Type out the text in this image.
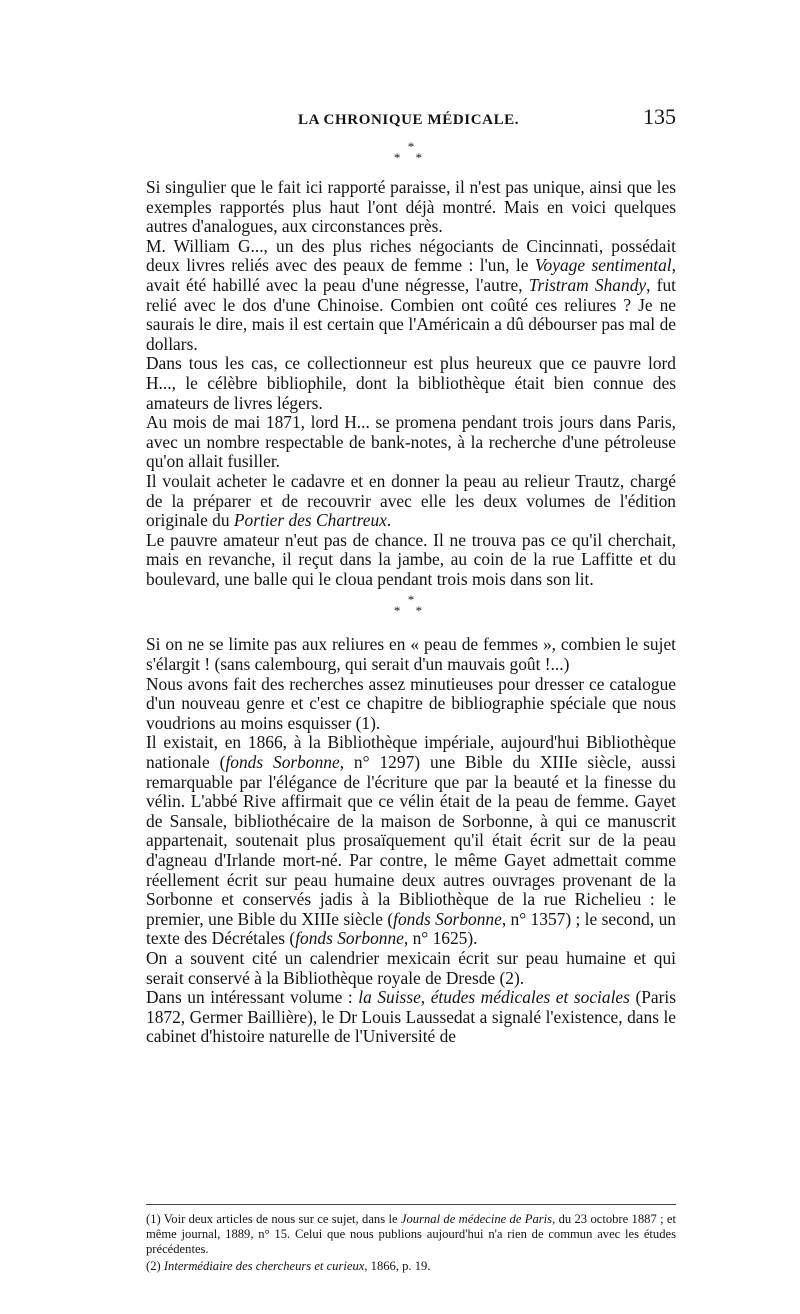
LA CHRONIQUE MÉDICALE.	135
*
* *

Si singulier que le fait ici rapporté paraisse, il n'est pas unique, ainsi que les exemples rapportés plus haut l'ont déjà montré. Mais en voici quelques autres d'analogues, aux circonstances près.

M. William G..., un des plus riches négociants de Cincinnati, possédait deux livres reliés avec des peaux de femme : l'un, le Voyage sentimental, avait été habillé avec la peau d'une négresse, l'autre, Tristram Shandy, fut relié avec le dos d'une Chinoise. Combien ont coûté ces reliures ? Je ne saurais le dire, mais il est certain que l'Américain a dû débourser pas mal de dollars.

Dans tous les cas, ce collectionneur est plus heureux que ce pauvre lord H..., le célèbre bibliophile, dont la bibliothèque était bien connue des amateurs de livres légers.

Au mois de mai 1871, lord H... se promena pendant trois jours dans Paris, avec un nombre respectable de bank-notes, à la recherche d'une pétroleuse qu'on allait fusiller.

Il voulait acheter le cadavre et en donner la peau au relieur Trautz, chargé de la préparer et de recouvrir avec elle les deux volumes de l'édition originale du Portier des Chartreux.

Le pauvre amateur n'eut pas de chance. Il ne trouva pas ce qu'il cherchait, mais en revanche, il reçut dans la jambe, au coin de la rue Laffitte et du boulevard, une balle qui le cloua pendant trois mois dans son lit.

*
* *

Si on ne se limite pas aux reliures en « peau de femmes », combien le sujet s'élargit ! (sans calembourg, qui serait d'un mauvais goût !...)

Nous avons fait des recherches assez minutieuses pour dresser ce catalogue d'un nouveau genre et c'est ce chapitre de bibliographie spéciale que nous voudrions au moins esquisser (1).

Il existait, en 1866, à la Bibliothèque impériale, aujourd'hui Bibliothèque nationale (fonds Sorbonne, n° 1297) une Bible du XIIIe siècle, aussi remarquable par l'élégance de l'écriture que par la beauté et la finesse du vélin. L'abbé Rive affirmait que ce vélin était de la peau de femme. Gayet de Sansale, bibliothécaire de la maison de Sorbonne, à qui ce manuscrit appartenait, soutenait plus prosaïquement qu'il était écrit sur de la peau d'agneau d'Irlande mort-né. Par contre, le même Gayet admettait comme réellement écrit sur peau humaine deux autres ouvrages provenant de la Sorbonne et conservés jadis à la Bibliothèque de la rue Richelieu : le premier, une Bible du XIIIe siècle (fonds Sorbonne, n° 1357) ; le second, un texte des Décrétales (fonds Sorbonne, n° 1625).

On a souvent cité un calendrier mexicain écrit sur peau humaine et qui serait conservé à la Bibliothèque royale de Dresde (2).

Dans un intéressant volume : la Suisse, études médicales et sociales (Paris 1872, Germer Baillière), le Dr Louis Laussedat a signalé l'existence, dans le cabinet d'histoire naturelle de l'Université de

(1) Voir deux articles de nous sur ce sujet, dans le Journal de médecine de Paris, du 23 octobre 1887 ; et même journal, 1889, n° 15. Celui que nous publions aujourd'hui n'a rien de commun avec les études précédentes.

(2) Intermédiaire des chercheurs et curieux, 1866, p. 19.
